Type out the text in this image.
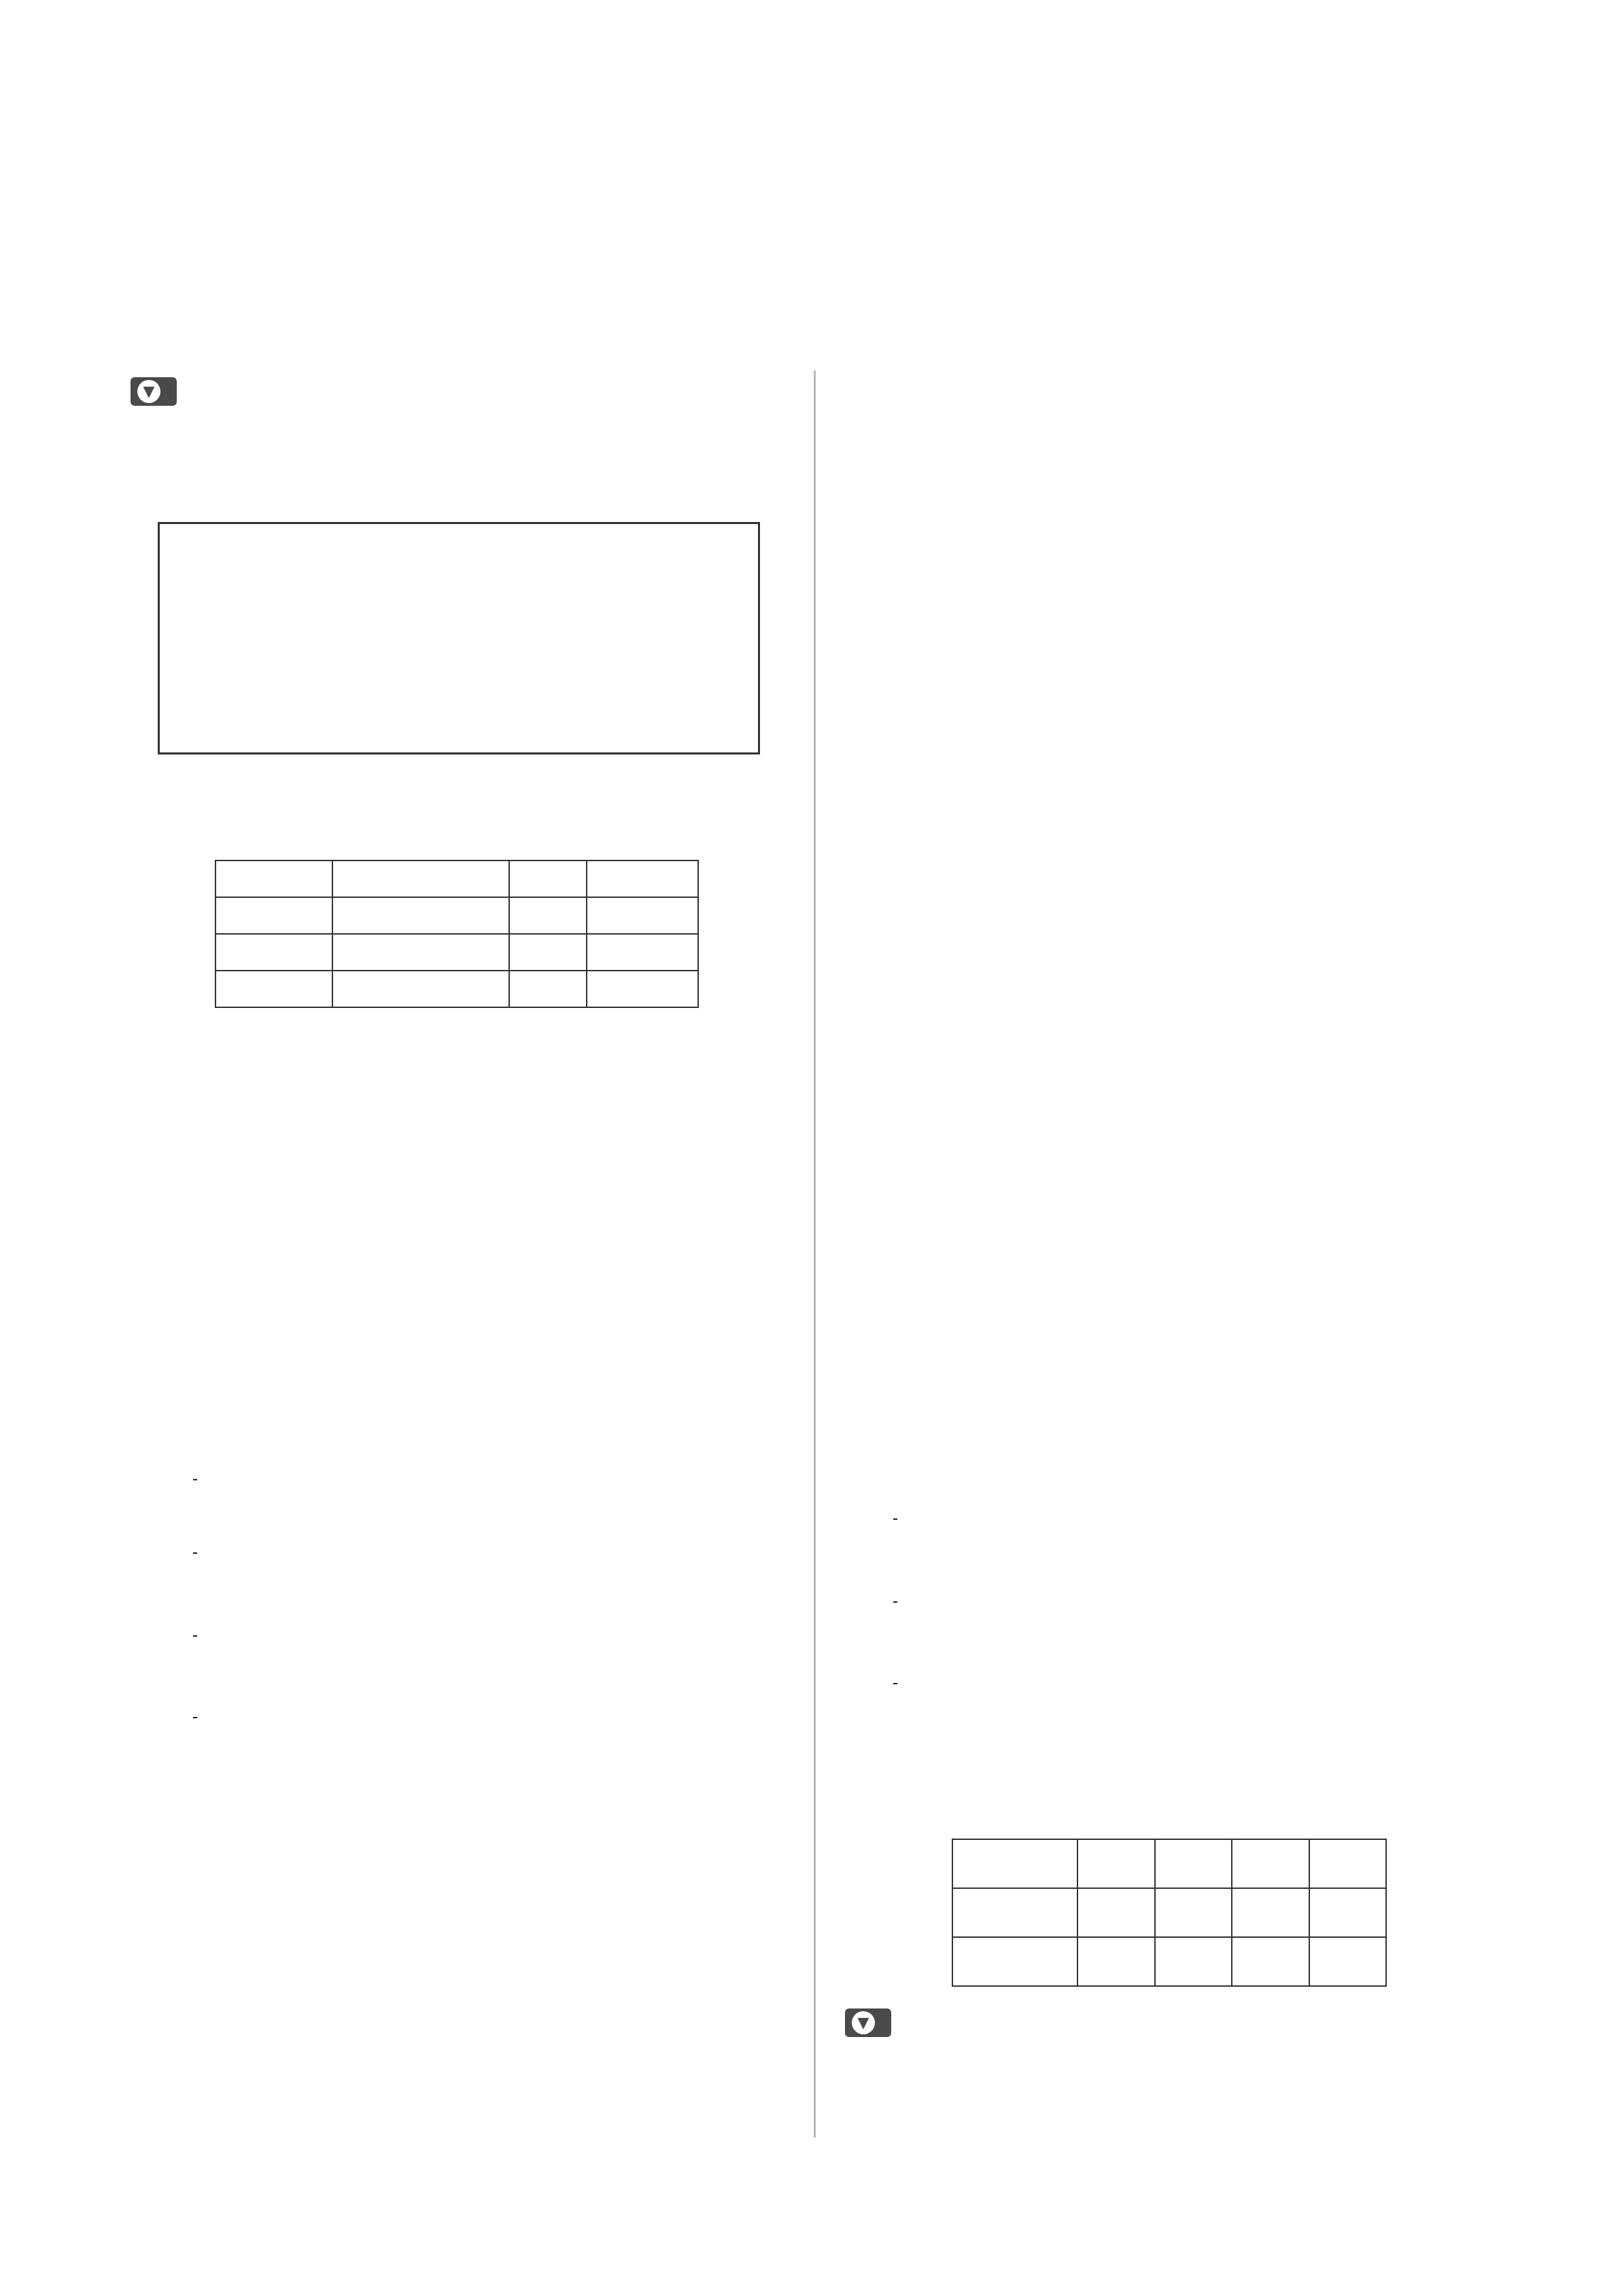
▼

▼
